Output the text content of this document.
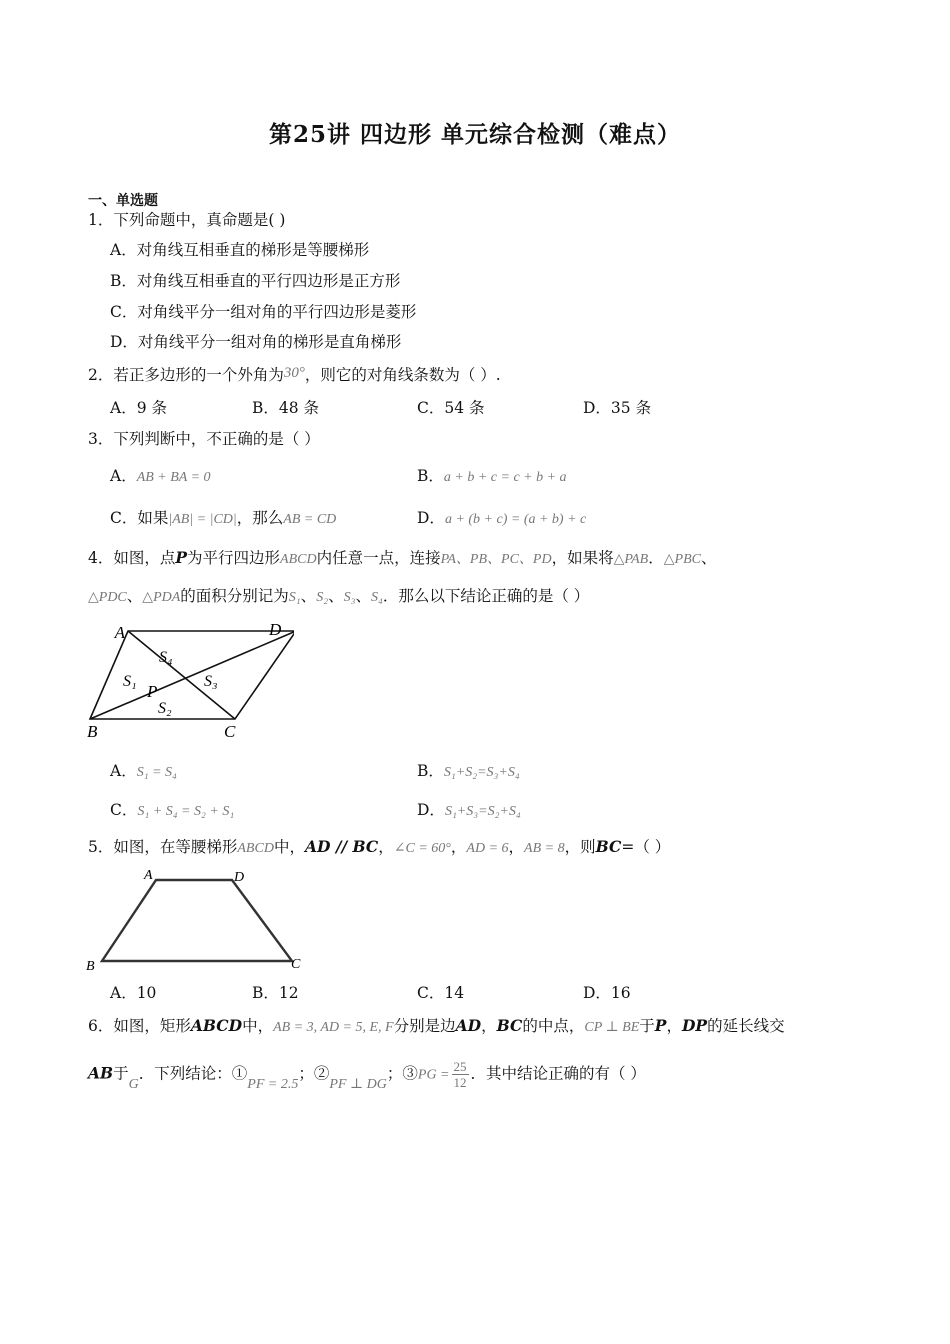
第25讲 四边形 单元综合检测（难点）
一、单选题
1．下列命题中，真命题是( )
A．对角线互相垂直的梯形是等腰梯形
B．对角线互相垂直的平行四边形是正方形
C．对角线平分一组对角的平行四边形是菱形
D．对角线平分一组对角的梯形是直角梯形
2．若正多边形的一个外角为30°，则它的对角线条数为（ ）.
A．9 条	B．48 条	C．54 条	D．35 条
3．下列判断中，不正确的是（ ）
A．AB + BA = 0	B．a + b + c = c + b + a
C．如果|AB| = |CD|，那么AB = CD	D．a + (b + c) = (a + b) + c
4．如图，点P为平行四边形ABCD内任意一点，连接PA、PB、PC、PD，如果将△PAB．△PBC、
△PDC、△PDA的面积分别记为S₁、S₂、S₃、S₄．那么以下结论正确的是（ ）
A	D
B	C
P
S₄
S₁	S₃
S₂
A．S₁ = S₄	B．S₁+S₂=S₃+S₄
C．S₁ + S₄ = S₂ + S₁	D．S₁+S₃=S₂+S₄
5．如图，在等腰梯形ABCD中，AD // BC，∠C = 60°，AD = 6，AB = 8，则BC=（ ）
A	D
B	C
A．10	B．12	C．14	D．16
6．如图，矩形ABCD中，AB = 3, AD = 5, E, F分别是边AD，BC的中点，CP ⊥ BE于P，DP的延长线交
AB于G．下列结论：①PF = 2.5；②PF ⊥ DG；③PG = $\frac{25}{12}$ ．其中结论正确的有（ ）
